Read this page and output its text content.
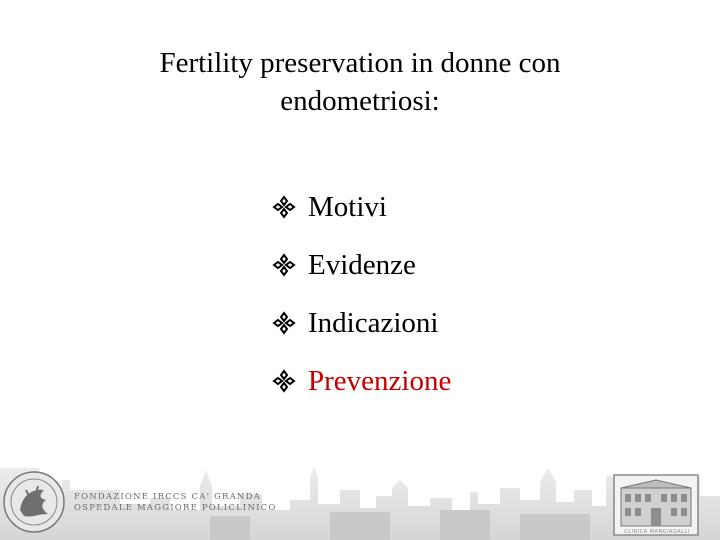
Fertility preservation in donne con
endometriosi:
Motivi
Evidenze
Indicazioni
Prevenzione
FONDAZIONE IRCCS CA' GRANDA
OSPEDALE MAGGIORE POLICLINICO
CLINICA MANGIAGALLI
